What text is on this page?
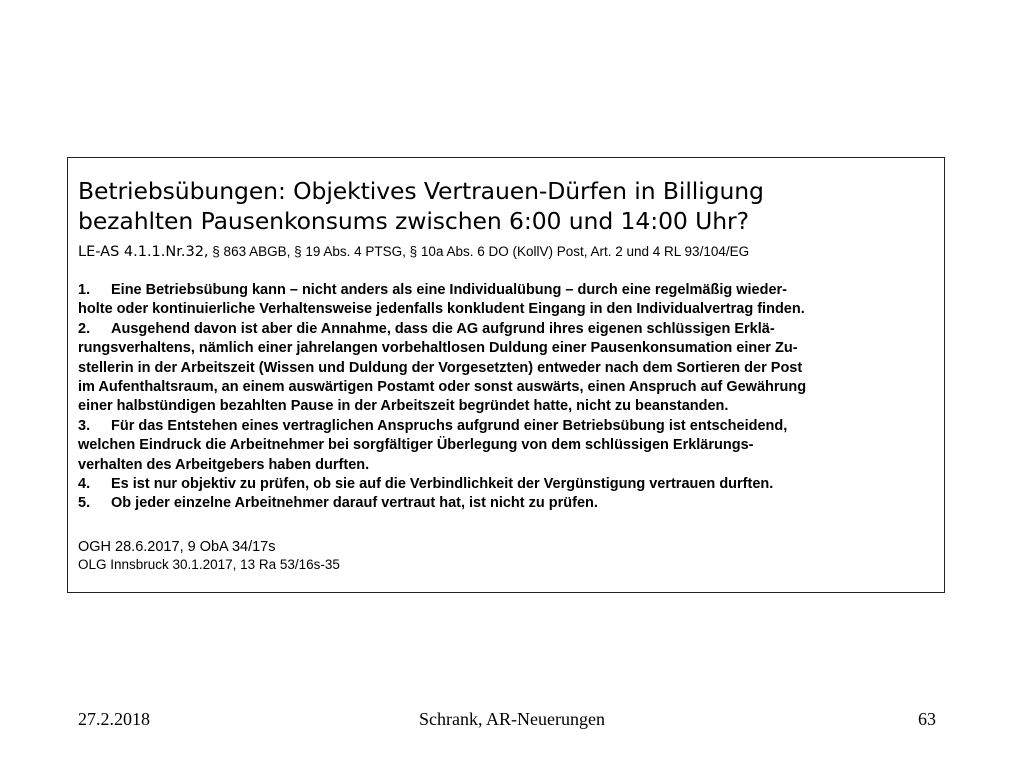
Betriebsübungen: Objektives Vertrauen-Dürfen in Billigung
bezahlten Pausenkonsums zwischen 6:00 und 14:00 Uhr?
LE-AS 4.1.1.Nr.32, § 863 ABGB, § 19 Abs. 4 PTSG, § 10a Abs. 6 DO (KollV) Post, Art. 2 und 4 RL 93/104/EG
1. Eine Betriebsübung kann – nicht anders als eine Individualübung – durch eine regelmäßig wieder-
holte oder kontinuierliche Verhaltensweise jedenfalls konkludent Eingang in den Individualvertrag finden.
2. Ausgehend davon ist aber die Annahme, dass die AG aufgrund ihres eigenen schlüssigen Erklä-
rungsverhaltens, nämlich einer jahrelangen vorbehaltlosen Duldung einer Pausenkonsumation einer Zu-
stellerin in der Arbeitszeit (Wissen und Duldung der Vorgesetzten) entweder nach dem Sortieren der Post
im Aufenthaltsraum, an einem auswärtigen Postamt oder sonst auswärts, einen Anspruch auf Gewährung
einer halbstündigen bezahlten Pause in der Arbeitszeit begründet hatte, nicht zu beanstanden.
3. Für das Entstehen eines vertraglichen Anspruchs aufgrund einer Betriebsübung ist entscheidend,
welchen Eindruck die Arbeitnehmer bei sorgfältiger Überlegung von dem schlüssigen Erklärungs-
verhalten des Arbeitgebers haben durften.
4. Es ist nur objektiv zu prüfen, ob sie auf die Verbindlichkeit der Vergünstigung vertrauen durften.
5. Ob jeder einzelne Arbeitnehmer darauf vertraut hat, ist nicht zu prüfen.
OGH 28.6.2017, 9 ObA 34/17s
OLG Innsbruck 30.1.2017, 13 Ra 53/16s-35
27.2.2018	Schrank, AR-Neuerungen	63
